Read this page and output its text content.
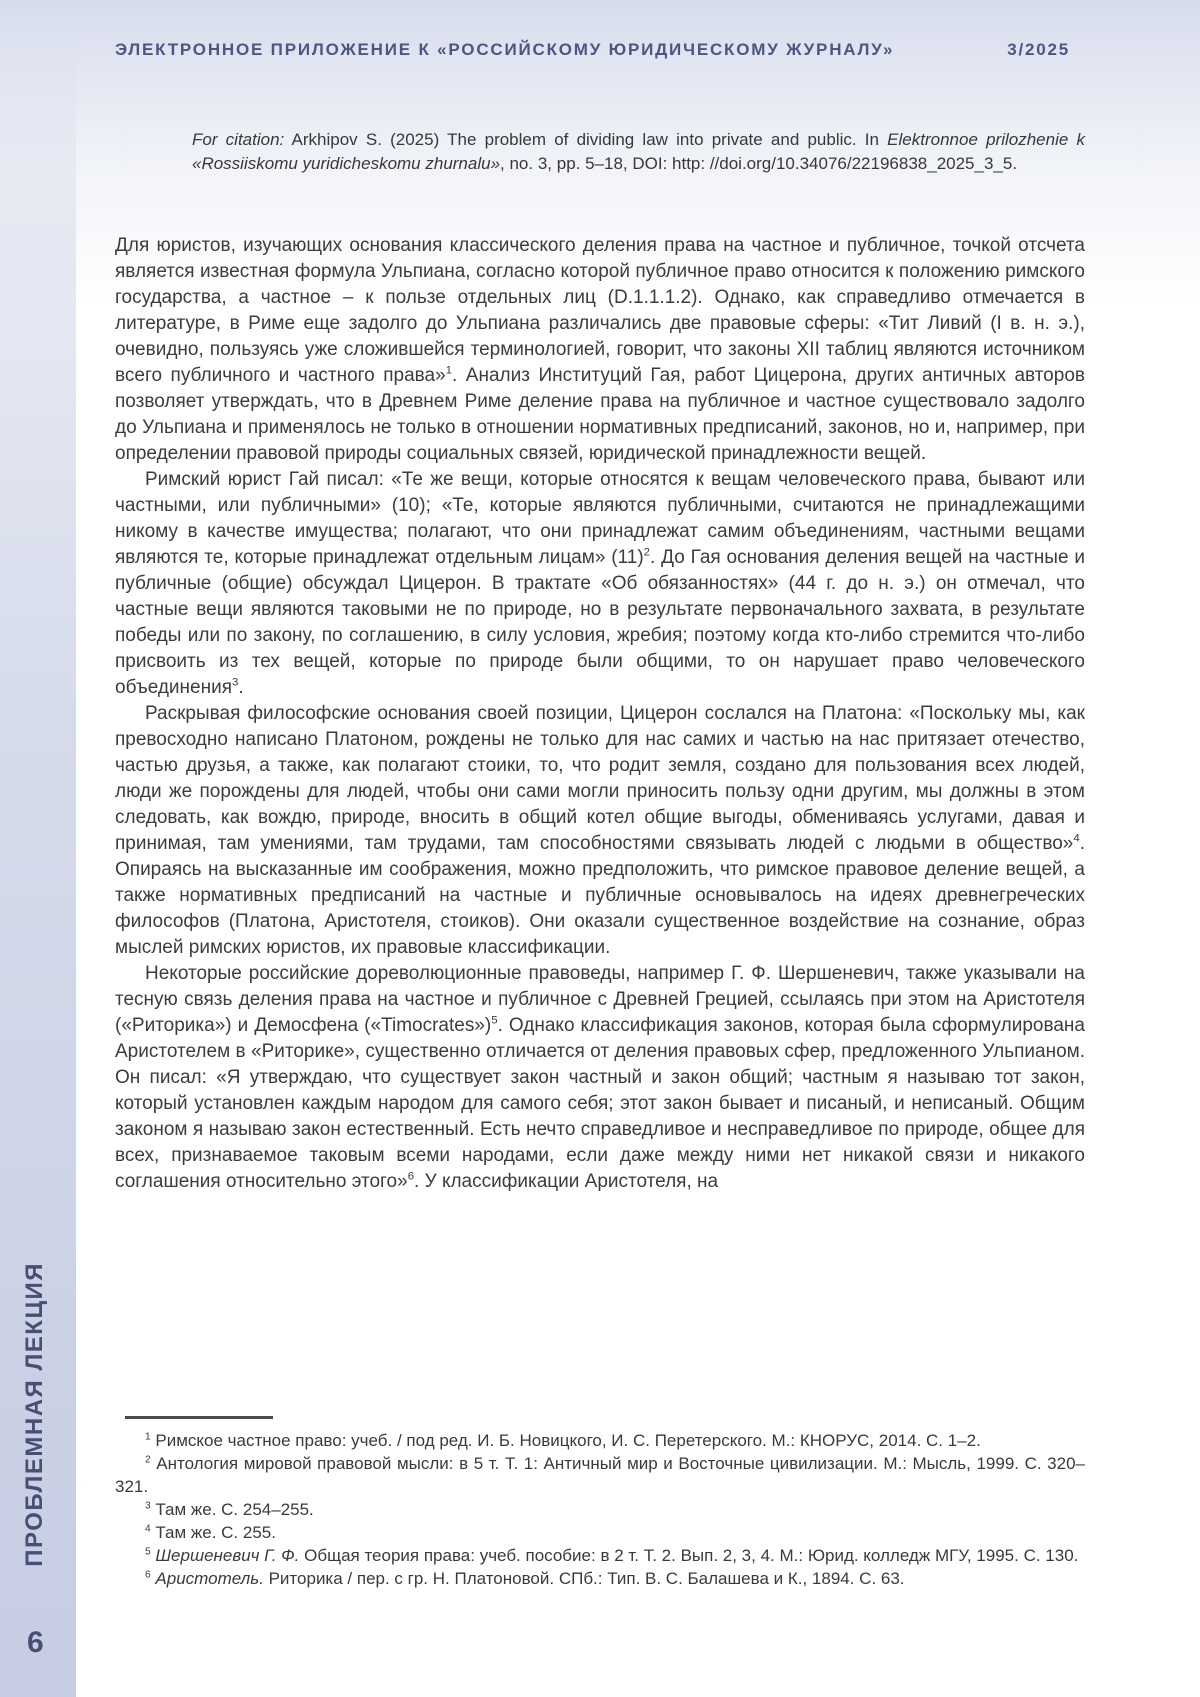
ПРОБЛЕМНАЯ ЛЕКЦИЯ
6
ЭЛЕКТРОННОЕ ПРИЛОЖЕНИЕ К «РОССИЙСКОМУ ЮРИДИЧЕСКОМУ ЖУРНАЛУ»	3/2025

For citation: Arkhipov S. (2025) The problem of dividing law into private and public. In Elektronnoe prilozhenie k «Rossiiskomu yuridicheskomu zhurnalu», no. 3, pp. 5–18, DOI: http: //doi.org/10.34076/22196838_2025_3_5.

Для юристов, изучающих основания классического деления права на частное и публичное, точкой отсчета является известная формула Ульпиана, согласно которой публичное право относится к положению римского государства, а частное – к пользе отдельных лиц (D.1.1.1.2). Однако, как справедливо отмечается в литературе, в Риме еще задолго до Ульпиана различались две правовые сферы: «Тит Ливий (I в. н. э.), очевидно, пользуясь уже сложившейся терминологией, говорит, что законы XII таблиц являются источником всего публичного и частного права»$^1$. Анализ Институций Гая, работ Цицерона, других античных авторов позволяет утверждать, что в Древнем Риме деление права на публичное и частное существовало задолго до Ульпиана и применялось не только в отношении нормативных предписаний, законов, но и, например, при определении правовой природы социальных связей, юридической принадлежности вещей.

Римский юрист Гай писал: «Те же вещи, которые относятся к вещам человеческого права, бывают или частными, или публичными» (10); «Те, которые являются публичными, считаются не принадлежащими никому в качестве имущества; полагают, что они принадлежат самим объединениям, частными вещами являются те, которые принадлежат отдельным лицам» $(11)^2$. До Гая основания деления вещей на частные и публичные (общие) обсуждал Цицерон. В трактате «Об обязанностях» (44 г. до н. э.) он отмечал, что частные вещи являются таковыми не по природе, но в результате первоначального захвата, в результате победы или по закону, по соглашению, в силу условия, жребия; поэтому когда кто-либо стремится что-либо присвоить из тех вещей, которые по природе были общими, то он нарушает право человеческого объединения$^3$.

Раскрывая философские основания своей позиции, Цицерон сослался на Платона: «Поскольку мы, как превосходно написано Платоном, рождены не только для нас самих и частью на нас притязает отечество, частью друзья, а также, как полагают стоики, то, что родит земля, создано для пользования всех людей, люди же порождены для людей, чтобы они сами могли приносить пользу одни другим, мы должны в этом следовать, как вождю, природе, вносить в общий котел общие выгоды, обмениваясь услугами, давая и принимая, там умениями, там трудами, там способностями связывать людей с людьми в общество»$^4$. Опираясь на высказанные им соображения, можно предположить, что римское правовое деление вещей, а также нормативных предписаний на частные и публичные основывалось на идеях древнегреческих философов (Платона, Аристотеля, стоиков). Они оказали существенное воздействие на сознание, образ мыслей римских юристов, их правовые классификации.

Некоторые российские дореволюционные правоведы, например Г. Ф. Шершеневич, также указывали на тесную связь деления права на частное и публичное с Древней Грецией, ссылаясь при этом на Аристотеля («Риторика») и Демосфена («Timocrates»)$^5$. Однако классификация законов, которая была сформулирована Аристотелем в «Риторике», существенно отличается от деления правовых сфер, предложенного Ульпианом. Он писал: «Я утверждаю, что существует закон частный и закон общий; частным я называю тот закон, который установлен каждым народом для самого себя; этот закон бывает и писаный, и неписаный. Общим законом я называю закон естественный. Есть нечто справедливое и несправедливое по природе, общее для всех, признаваемое таковым всеми народами, если даже между ними нет никакой связи и никакого соглашения относительно этого»$^6$. У классификации Аристотеля, на

$^1$ Римское частное право: учеб. / под ред. И. Б. Новицкого, И. С. Перетерского. М.: КНОРУС, 2014. С. 1–2.

$^2$ Антология мировой правовой мысли: в 5 т. Т. 1: Античный мир и Восточные цивилизации. М.: Мысль, 1999. С. 320–321.

$^3$ Там же. С. 254–255.

$^4$ Там же. С. 255.

$^5$ Шершеневич Г. Ф. Общая теория права: учеб. пособие: в 2 т. Т. 2. Вып. 2, 3, 4. М.: Юрид. колледж МГУ, 1995. С. 130.

$^6$ Аристотель. Риторика / пер. с гр. Н. Платоновой. СПб.: Тип. В. С. Балашева и К., 1894. С. 63.
